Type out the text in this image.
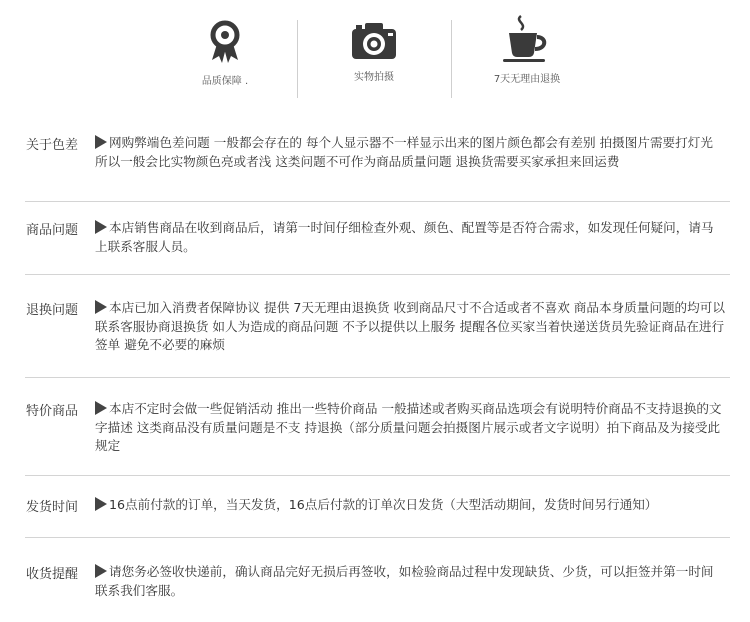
品质保障 .	实物拍摄	7天无理由退换
关于色差	网购弊端色差问题 一般都会存在的 每个人显示器不一样显示出来的图片颜色都会有差别 拍摄图片需要打灯光 所以一般会比实物颜色亮或者浅 这类问题不可作为商品质量问题 退换货需要买家承担来回运费
商品问题	本店销售商品在收到商品后，请第一时间仔细检查外观、颜色、配置等是否符合需求，如发现任何疑问，请马上联系客服人员。
退换问题	本店已加入消费者保障协议 提供 7天无理由退换货 收到商品尺寸不合适或者不喜欢 商品本身质量问题的均可以联系客服协商退换货 如人为造成的商品问题 不予以提供以上服务 提醒各位买家当着快递送货员先验证商品在进行签单 避免不必要的麻烦
特价商品	本店不定时会做一些促销活动 推出一些特价商品 一般描述或者购买商品选项会有说明特价商品不支持退换的文字描述 这类商品没有质量问题是不支 持退换（部分质量问题会拍摄图片展示或者文字说明）拍下商品及为接受此规定
发货时间	16点前付款的订单，当天发货，16点后付款的订单次日发货（大型活动期间，发货时间另行通知）
收货提醒	请您务必签收快递前，确认商品完好无损后再签收，如检验商品过程中发现缺货、少货，可以拒签并第一时间联系我们客服。
